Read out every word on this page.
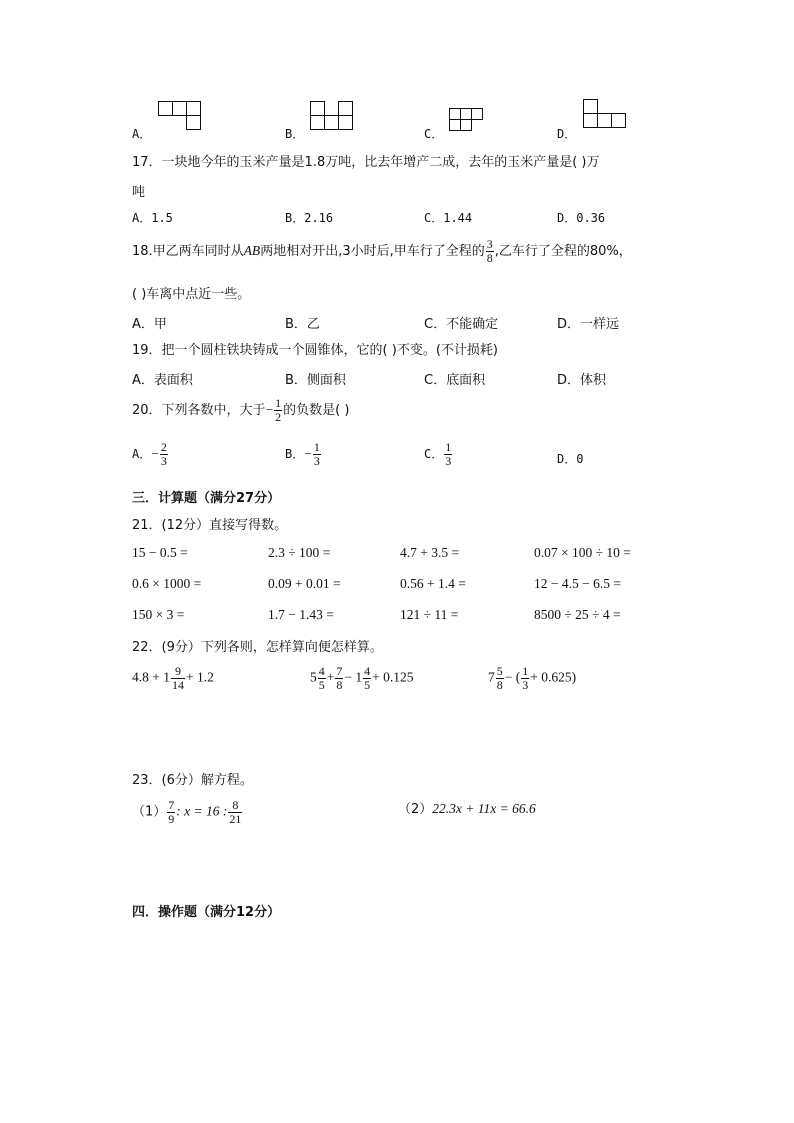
A．	B．	C．	D．
17．一块地今年的玉米产量是1.8万吨，比去年增产二成，去年的玉米产量是( )万
吨
A．1.5	B．2.16	C．1.44	D．0.36
18.甲乙两车同时从AB两地相对开出,3小时后,甲车行了全程的 $\frac{3}{8}$ ,乙车行了全程的80%，
( )车离中点近一些。
A．甲	B．乙	C．不能确定	D．一样远
19．把一个圆柱铁块铸成一个圆锥体，它的( )不变。(不计损耗)
A．表面积	B．侧面积	C．底面积	D．体积
20．下列各数中，大于− $\frac{1}{2}$ 的负数是( )
A．− $\frac{2}{3}$	B．− $\frac{1}{3}$	C． $\frac{1}{3}$	D．0
三．计算题（满分27分）
21．(12分）直接写得数。
15 − 0.5 =	2.3 ÷ 100 =	4.7 + 3.5 =	0.07 × 100 ÷ 10 =
0.6 × 1000 =	0.09 + 0.01 =	0.56 + 1.4 =	12 − 4.5 − 6.5 =
150 × 3 =	1.7 − 1.43 =	121 ÷ 11 =	8500 ÷ 25 ÷ 4 =
22．(9分）下列各则，怎样算向便怎样算。
$4.8 + 1 \frac{9}{14} + 1.2$	$5 \frac{4}{5} + \frac{7}{8} - 1 \frac{4}{5} + 0.125$	$7 \frac{5}{8}$ − ( $\frac{1}{3} + 0.625$)
23．(6分）解方程。
$(1) \frac{7}{9}$ : x = 16 : $\frac{8}{21}$	（2）22.3x + 11x = 66.6
四．操作题（满分12分）
